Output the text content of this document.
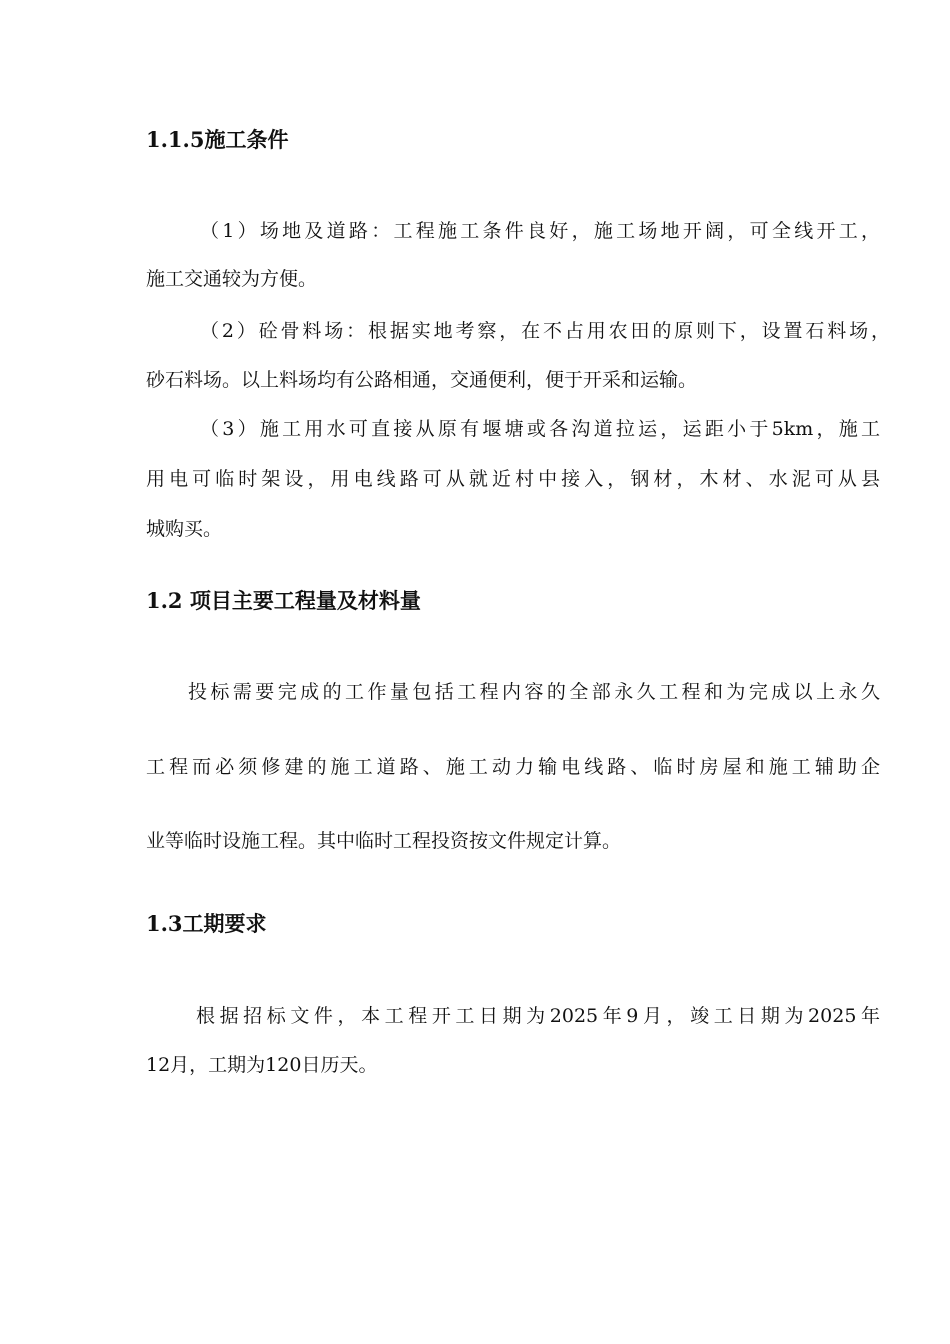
1.1.5施工条件

（1）场地及道路：工程施工条件良好，施工场地开阔，可全线开工，

施工交通较为方便。

（2）砼骨料场：根据实地考察，在不占用农田的原则下，设置石料场，

砂石料场。以上料场均有公路相通，交通便利，便于开采和运输。

（3）施工用水可直接从原有堰塘或各沟道拉运，运距小于5km，施工

用电可临时架设，用电线路可从就近村中接入，钢材，木材、水泥可从县

城购买。

1.2 项目主要工程量及材料量

投标需要完成的工作量包括工程内容的全部永久工程和为完成以上永久

工程而必须修建的施工道路、施工动力输电线路、临时房屋和施工辅助企

业等临时设施工程。其中临时工程投资按文件规定计算。

1.3工期要求

根据招标文件，本工程开工日期为2025年9月，竣工日期为2025年

12月，工期为120日历天。
